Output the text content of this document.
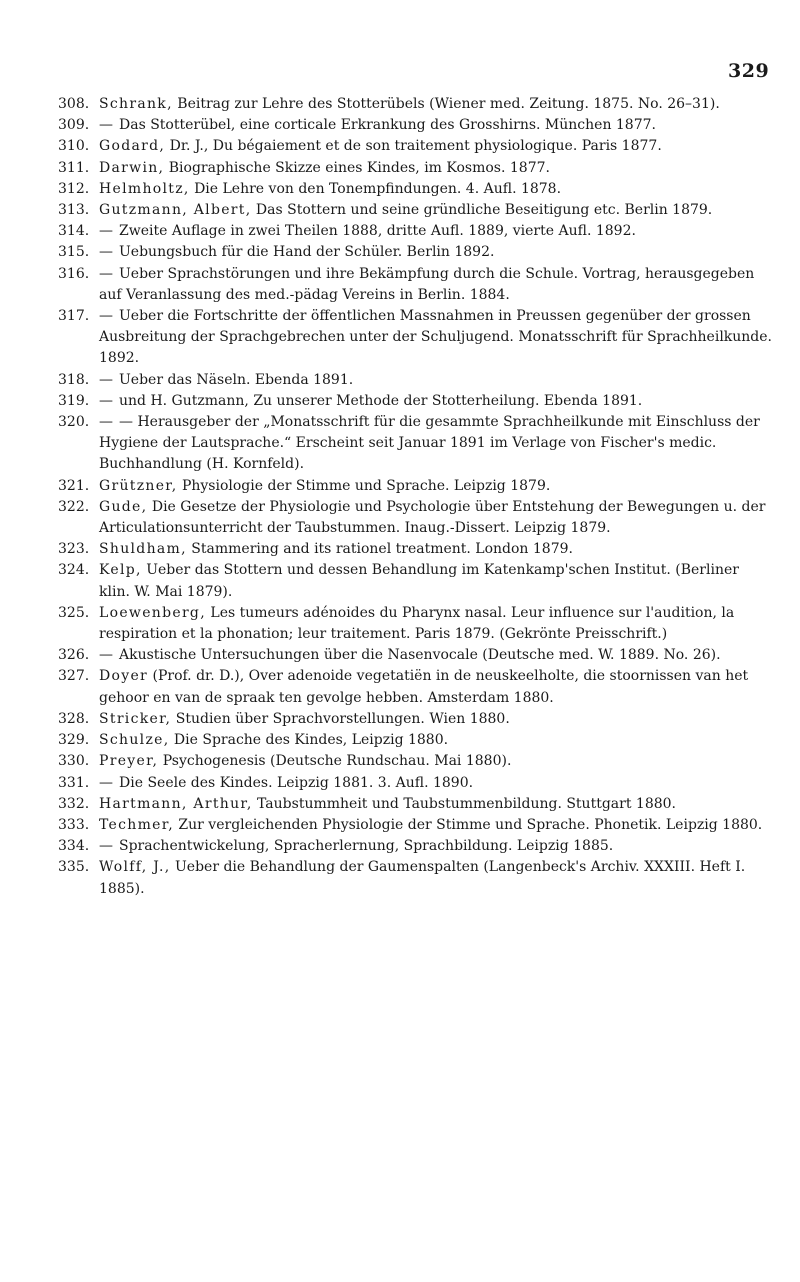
329
308. Schrank, Beitrag zur Lehre des Stotterübels (Wiener med. Zeitung. 1875. No. 26–31).
309. — Das Stotterübel, eine corticale Erkrankung des Grosshirns. München 1877.
310. Godard, Dr. J., Du bégaiement et de son traitement physiologique. Paris 1877.
311. Darwin, Biographische Skizze eines Kindes, im Kosmos. 1877.
312. Helmholtz, Die Lehre von den Tonempfindungen. 4. Aufl. 1878.
313. Gutzmann, Albert, Das Stottern und seine gründliche Beseitigung etc. Berlin 1879.
314. — Zweite Auflage in zwei Theilen 1888, dritte Aufl. 1889, vierte Aufl. 1892.
315. — Uebungsbuch für die Hand der Schüler. Berlin 1892.
316. — Ueber Sprachstörungen und ihre Bekämpfung durch die Schule. Vortrag, herausgegeben auf Veranlassung des med.-pädag Vereins in Berlin. 1884.
317. — Ueber die Fortschritte der öffentlichen Massnahmen in Preussen gegenüber der grossen Ausbreitung der Sprachgebrechen unter der Schuljugend. Monatsschrift für Sprachheilkunde. 1892.
318. — Ueber das Näseln. Ebenda 1891.
319. — und H. Gutzmann, Zu unserer Methode der Stotterheilung. Ebenda 1891.
320. — — Herausgeber der „Monatsschrift für die gesammte Sprachheilkunde mit Einschluss der Hygiene der Lautsprache.“ Erscheint seit Januar 1891 im Verlage von Fischer's medic. Buchhandlung (H. Kornfeld).
321. Grützner, Physiologie der Stimme und Sprache. Leipzig 1879.
322. Gude, Die Gesetze der Physiologie und Psychologie über Entstehung der Bewegungen u. der Articulationsunterricht der Taubstummen. Inaug.-Dissert. Leipzig 1879.
323. Shuldham, Stammering and its rationel treatment. London 1879.
324. Kelp, Ueber das Stottern und dessen Behandlung im Katenkamp'schen Institut. (Berliner klin. W. Mai 1879).
325. Loewenberg, Les tumeurs adénoides du Pharynx nasal. Leur influence sur l'audition, la respiration et la phonation; leur traitement. Paris 1879. (Gekrönte Preisschrift.)
326. — Akustische Untersuchungen über die Nasenvocale (Deutsche med. W. 1889. No. 26).
327. Doyer (Prof. dr. D.), Over adenoide vegetatiën in de neuskeelholte, die stoornissen van het gehoor en van de spraak ten gevolge hebben. Amsterdam 1880.
328. Stricker, Studien über Sprachvorstellungen. Wien 1880.
329. Schulze, Die Sprache des Kindes, Leipzig 1880.
330. Preyer, Psychogenesis (Deutsche Rundschau. Mai 1880).
331. — Die Seele des Kindes. Leipzig 1881. 3. Aufl. 1890.
332. Hartmann, Arthur, Taubstummheit und Taubstummenbildung. Stuttgart 1880.
333. Techmer, Zur vergleichenden Physiologie der Stimme und Sprache. Phonetik. Leipzig 1880.
334. — Sprachentwickelung, Spracherlernung, Sprachbildung. Leipzig 1885.
335. Wolff, J., Ueber die Behandlung der Gaumenspalten (Langenbeck's Archiv. XXXIII. Heft I. 1885).
